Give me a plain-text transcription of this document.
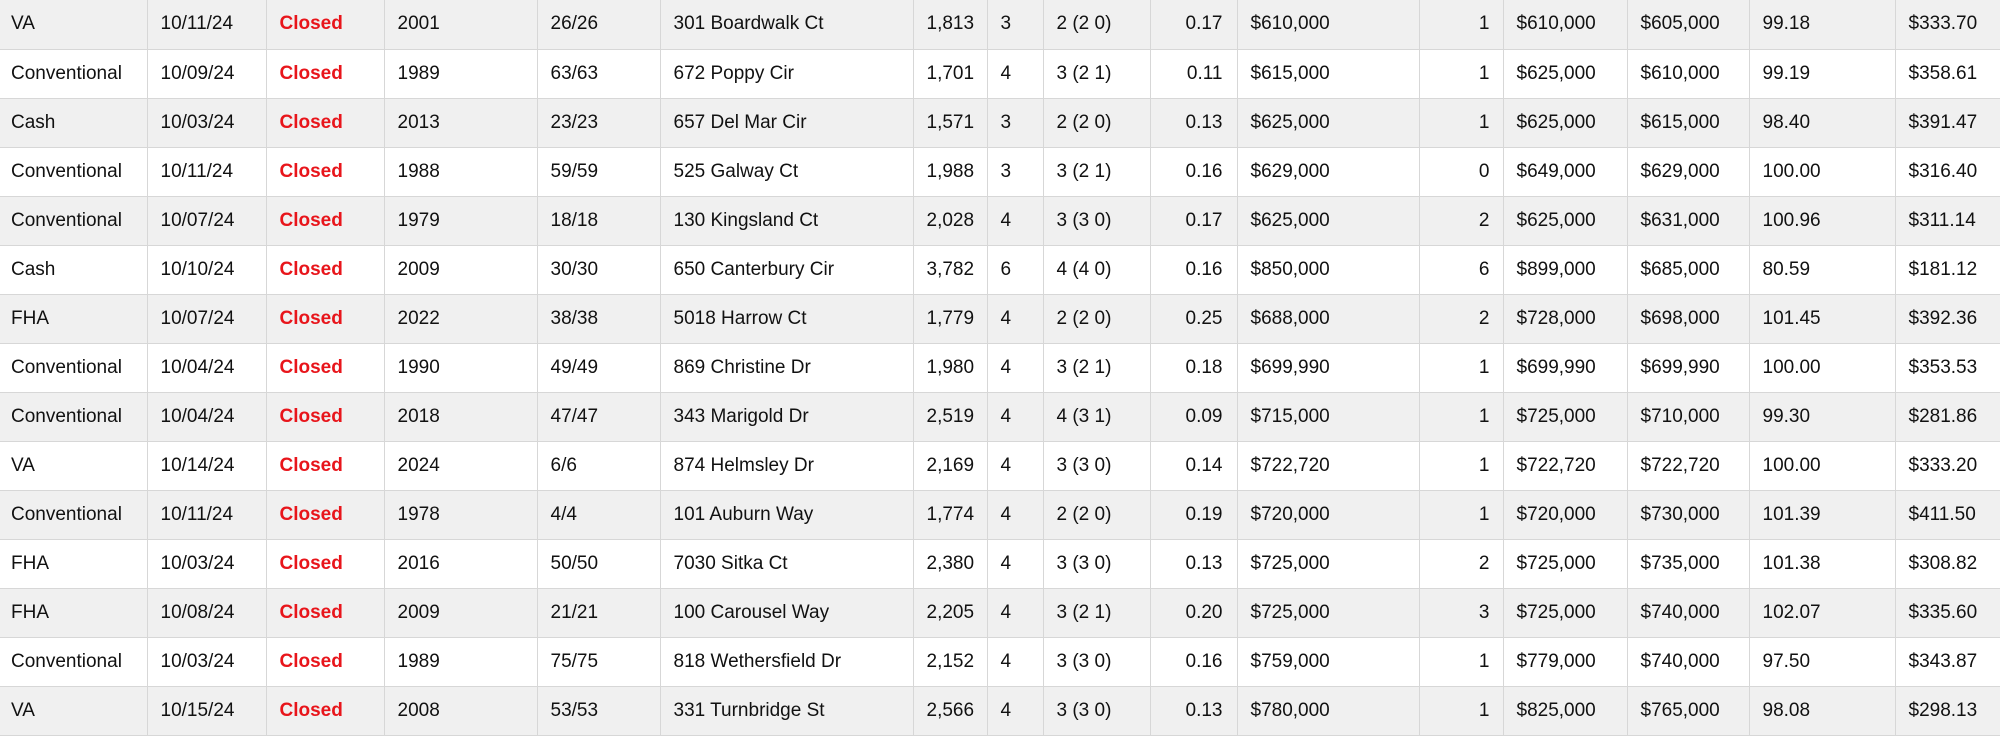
VA	10/11/24	Closed	2001	26/26	301 Boardwalk Ct	1,813	3	2 (2 0)	0.17	$610,000	1	$610,000	$605,000	99.18	$333.70
Conventional	10/09/24	Closed	1989	63/63	672 Poppy Cir	1,701	4	3 (2 1)	0.11	$615,000	1	$625,000	$610,000	99.19	$358.61
Cash	10/03/24	Closed	2013	23/23	657 Del Mar Cir	1,571	3	2 (2 0)	0.13	$625,000	1	$625,000	$615,000	98.40	$391.47
Conventional	10/11/24	Closed	1988	59/59	525 Galway Ct	1,988	3	3 (2 1)	0.16	$629,000	0	$649,000	$629,000	100.00	$316.40
Conventional	10/07/24	Closed	1979	18/18	130 Kingsland Ct	2,028	4	3 (3 0)	0.17	$625,000	2	$625,000	$631,000	100.96	$311.14
Cash	10/10/24	Closed	2009	30/30	650 Canterbury Cir	3,782	6	4 (4 0)	0.16	$850,000	6	$899,000	$685,000	80.59	$181.12
FHA	10/07/24	Closed	2022	38/38	5018 Harrow Ct	1,779	4	2 (2 0)	0.25	$688,000	2	$728,000	$698,000	101.45	$392.36
Conventional	10/04/24	Closed	1990	49/49	869 Christine Dr	1,980	4	3 (2 1)	0.18	$699,990	1	$699,990	$699,990	100.00	$353.53
Conventional	10/04/24	Closed	2018	47/47	343 Marigold Dr	2,519	4	4 (3 1)	0.09	$715,000	1	$725,000	$710,000	99.30	$281.86
VA	10/14/24	Closed	2024	6/6	874 Helmsley Dr	2,169	4	3 (3 0)	0.14	$722,720	1	$722,720	$722,720	100.00	$333.20
Conventional	10/11/24	Closed	1978	4/4	101 Auburn Way	1,774	4	2 (2 0)	0.19	$720,000	1	$720,000	$730,000	101.39	$411.50
FHA	10/03/24	Closed	2016	50/50	7030 Sitka Ct	2,380	4	3 (3 0)	0.13	$725,000	2	$725,000	$735,000	101.38	$308.82
FHA	10/08/24	Closed	2009	21/21	100 Carousel Way	2,205	4	3 (2 1)	0.20	$725,000	3	$725,000	$740,000	102.07	$335.60
Conventional	10/03/24	Closed	1989	75/75	818 Wethersfield Dr	2,152	4	3 (3 0)	0.16	$759,000	1	$779,000	$740,000	97.50	$343.87
VA	10/15/24	Closed	2008	53/53	331 Turnbridge St	2,566	4	3 (3 0)	0.13	$780,000	1	$825,000	$765,000	98.08	$298.13
